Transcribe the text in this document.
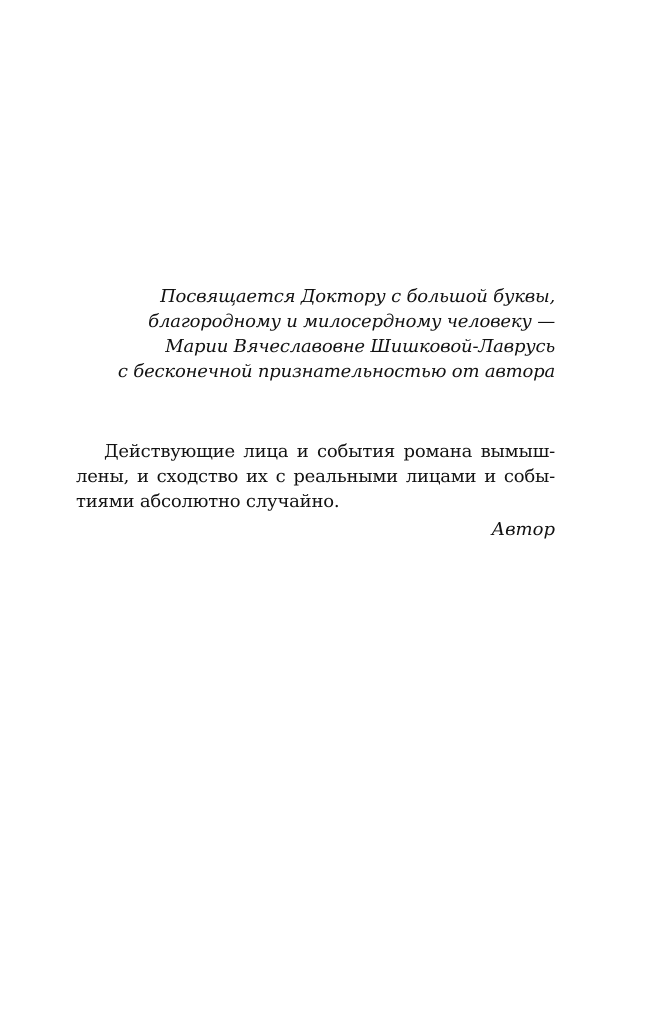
Посвящается Доктору с большой буквы,
благородному и милосердному человеку —
Марии Вячеславовне Шишковой-Лаврусь
с бесконечной признательностью от автора
Действующие лица и события романа вымыш-
лены, и сходство их с реальными лицами и собы-
тиями абсолютно случайно.
Автор
